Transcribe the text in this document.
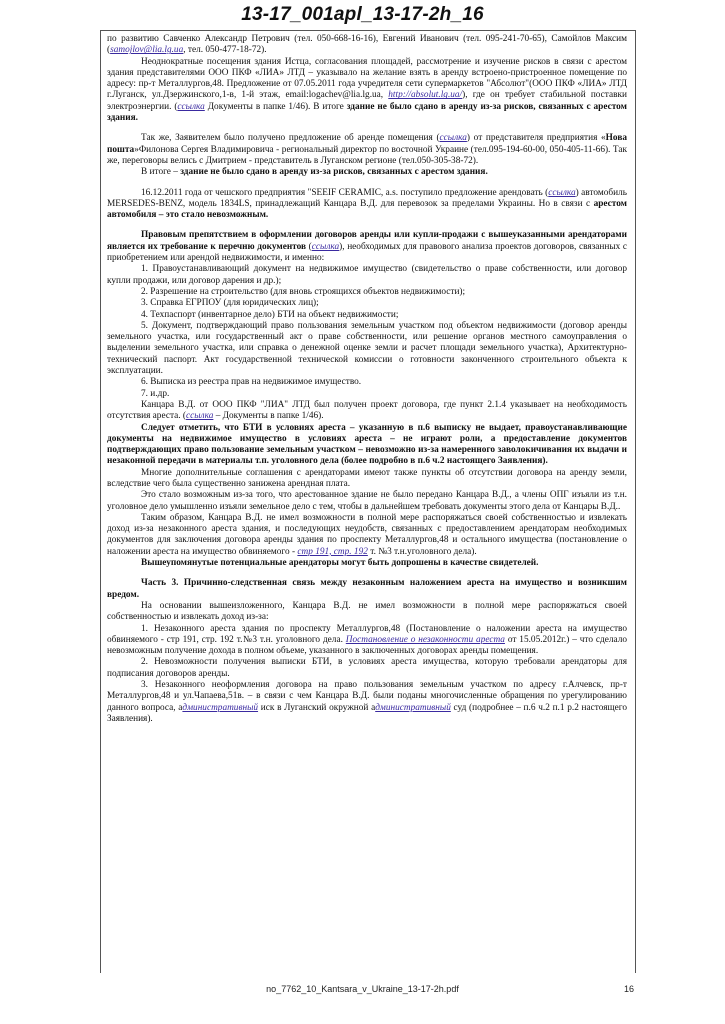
13-17_001apl_13-17-2h_16

по развитию Савченко Александр Петрович (тел. 050-668-16-16), Евгений Иванович (тел. 095-241-70-65), Самойлов Максим (samojlov@lia.lg.ua, тел. 050-477-18-72).

Неоднократные посещения здания Истца, согласования площадей, рассмотрение и изучение рисков в связи с арестом здания представителями ООО ПКФ «ЛИА» ЛТД – указывало на желание взять в аренду встроено-пристроенное помещение по адресу: пр-т Металлургов,48. Предложение от 07.05.2011 года учредителя сети супермаркетов "Абсолют"(ООО ПКФ «ЛИА» ЛТД г.Луганск, ул.Дзержинского,1-в, 1-й этаж, email:logachev@lia.lg.ua, http://absolut.lg.ua/), где он требует стабильной поставки электроэнергии. (ссылка Документы в папке 1/46). В итоге здание не было сдано в аренду из-за рисков, связанных с арестом здания.

Так же, Заявителем было получено предложение об аренде помещения (ссылка) от представителя предприятия «Нова пошта»Филонова Сергея Владимировича - региональный директор по восточной Украине (тел.095-194-60-00, 050-405-11-66). Так же, переговоры велись с Дмитрием - представитель в Луганском регионе (тел.050-305-38-72).

В итоге – здание не было сдано в аренду из-за рисков, связанных с арестом здания.

16.12.2011 года от чешского предприятия "SEEIF CERAMIC, a.s. поступило предложение арендовать (ссылка) автомобиль MERSEDES-BENZ, модель 1834LS, принадлежащий Канцара В.Д. для перевозок за пределами Украины. Но в связи с арестом автомобиля – это стало невозможным.

Правовым препятствием в оформлении договоров аренды или купли-продажи с вышеуказанными арендаторами является их требование к перечню документов (ссылка), необходимых для правового анализа проектов договоров, связанных с приобретением или арендой недвижимости, и именно:

1. Правоустанавливающий документ на недвижимое имущество (свидетельство о праве собственности, или договор купли продажи, или договор дарения и др.);

2. Разрешение на строительство (для вновь строящихся объектов недвижимости);

3. Справка ЕГРПОУ (для юридических лиц);

4. Техпаспорт (инвентарное дело) БТИ на объект недвижимости;

5. Документ, подтверждающий право пользования земельным участком под объектом недвижимости (договор аренды земельного участка, или государственный акт о праве собственности, или решение органов местного самоуправления о выделении земельного участка, или справка о денежной оценке земли и расчет площади земельного участка), Архитектурно-технический паспорт. Акт государственной технической комиссии о готовности законченного строительного объекта к эксплуатации.

6. Выписка из реестра прав на недвижимое имущество.

7. и.др.

Канцара В.Д. от ООО ПКФ "ЛИА" ЛТД был получен проект договора, где пункт 2.1.4 указывает на необходимость отсутствия ареста. (ссылка – Документы в папке 1/46).

Следует отметить, что БТИ в условиях ареста – указанную в п.6 выписку не выдает, правоустанавливающие документы на недвижимое имущество в условиях ареста – не играют роли, а предоставление документов подтверждающих право пользование земельным участком – невозможно из-за намеренного заволокичивания их выдачи и незаконной передачи в материалы т.п. уголовного дела (более подробно в п.6 ч.2 настоящего Заявления).

Многие дополнительные соглашения с арендаторами имеют также пункты об отсутствии договора на аренду земли, вследствие чего была существенно занижена арендная плата.

Это стало возможным из-за того, что арестованное здание не было передано Канцара В.Д., а члены ОПГ изъяли из т.н. уголовное дело умышленно изъяли земельное дело с тем, чтобы в дальнейшем требовать документы этого дела от Канцары В.Д..

Таким образом, Канцара В.Д. не имел возможности в полной мере распоряжаться своей собственностью и извлекать доход из-за незаконного ареста здания, и последующих неудобств, связанных с предоставлением арендаторам необходимых документов для заключения договора аренды здания по проспекту Металлургов,48 и остального имущества (постановление о наложении ареста на имущество обвиняемого - стр 191, стр. 192 т. №3 т.н.уголовного дела).

Вышеупомянутые потенциальные арендаторы могут быть допрошены в качестве свидетелей.

Часть 3. Причинно-следственная связь между незаконным наложением ареста на имущество и возникшим вредом.

На основании вышеизложенного, Канцара В.Д. не имел возможности в полной мере распоряжаться своей собственностью и извлекать доход из-за:

1. Незаконного ареста здания по проспекту Металлургов,48 (Постановление о наложении ареста на имущество обвиняемого - стр 191, стр. 192 т.№3 т.н. уголовного дела. Постановление о незаконности ареста от 15.05.2012г.) – что сделало невозможным получение дохода в полном объеме, указанного в заключенных договорах аренды помещения.

2. Невозможности получения выписки БТИ, в условиях ареста имущества, которую требовали арендаторы для подписания договоров аренды.

3. Незаконного неоформления договора на право пользования земельным участком по адресу г.Алчевск, пр-т Металлургов,48 и ул.Чапаева,51в. – в связи с чем Канцара В.Д. были поданы многочисленные обращения по урегулированию данного вопроса, административный иск в Луганский окружной административный суд (подробнее – п.6 ч.2 п.1 р.2 настоящего Заявления).

no_7762_10_Kantsara_v_Ukraine_13-17-2h.pdf	16
